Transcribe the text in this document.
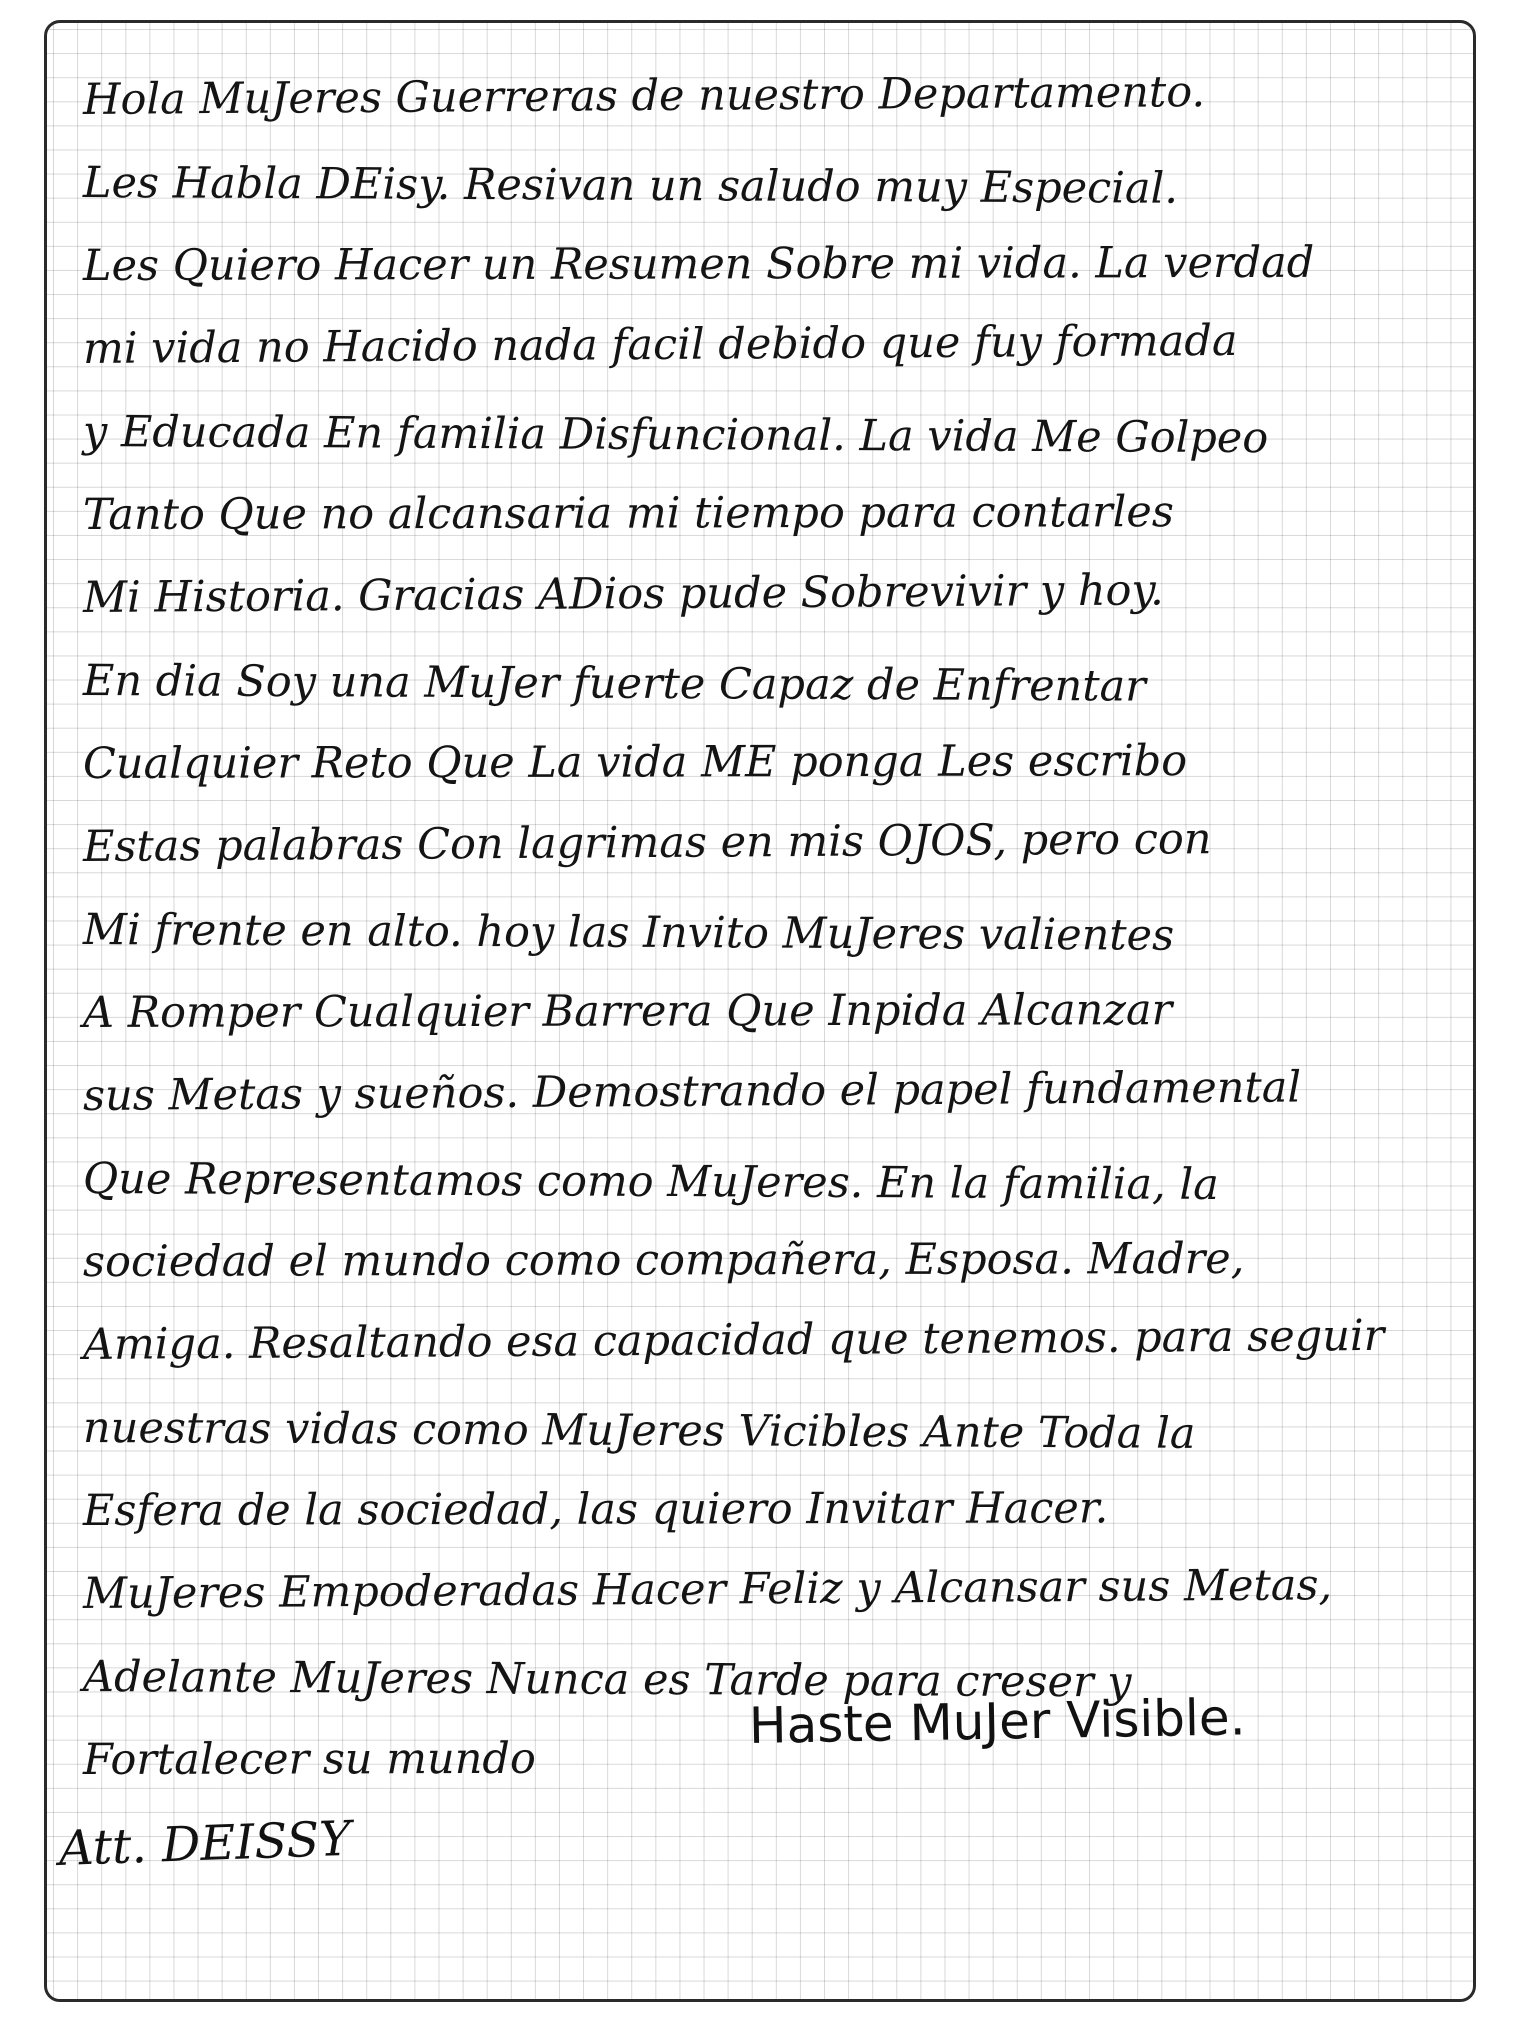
Hola MuJeres Guerreras de nuestro Departamento.
Les Habla DEisy. Resivan un saludo muy Especial.
Les Quiero Hacer un Resumen Sobre mi vida. La verdad
mi vida no Hacido nada facil debido que fuy formada
y Educada En familia Disfuncional. La vida Me Golpeo
Tanto Que no alcansaria mi tiempo para contarles
Mi Historia. Gracias ADios pude Sobrevivir y hoy.
En dia Soy una MuJer fuerte Capaz de Enfrentar
Cualquier Reto Que La vida ME ponga Les escribo
Estas palabras Con lagrimas en mis OJOS, pero con
Mi frente en alto. hoy las Invito MuJeres valientes
A Romper Cualquier Barrera Que Inpida Alcanzar
sus Metas y sueños. Demostrando el papel fundamental
Que Representamos como MuJeres. En la familia, la
sociedad el mundo como compañera, Esposa. Madre,
Amiga. Resaltando esa capacidad que tenemos. para seguir
nuestras vidas como MuJeres Vicibles Ante Toda la
Esfera de la sociedad, las quiero Invitar Hacer.
MuJeres Empoderadas Hacer Feliz y Alcansar sus Metas,
Adelante MuJeres Nunca es Tarde para creser y
Fortalecer su mundo
Haste MuJer Visible.
Att. DEISSY
